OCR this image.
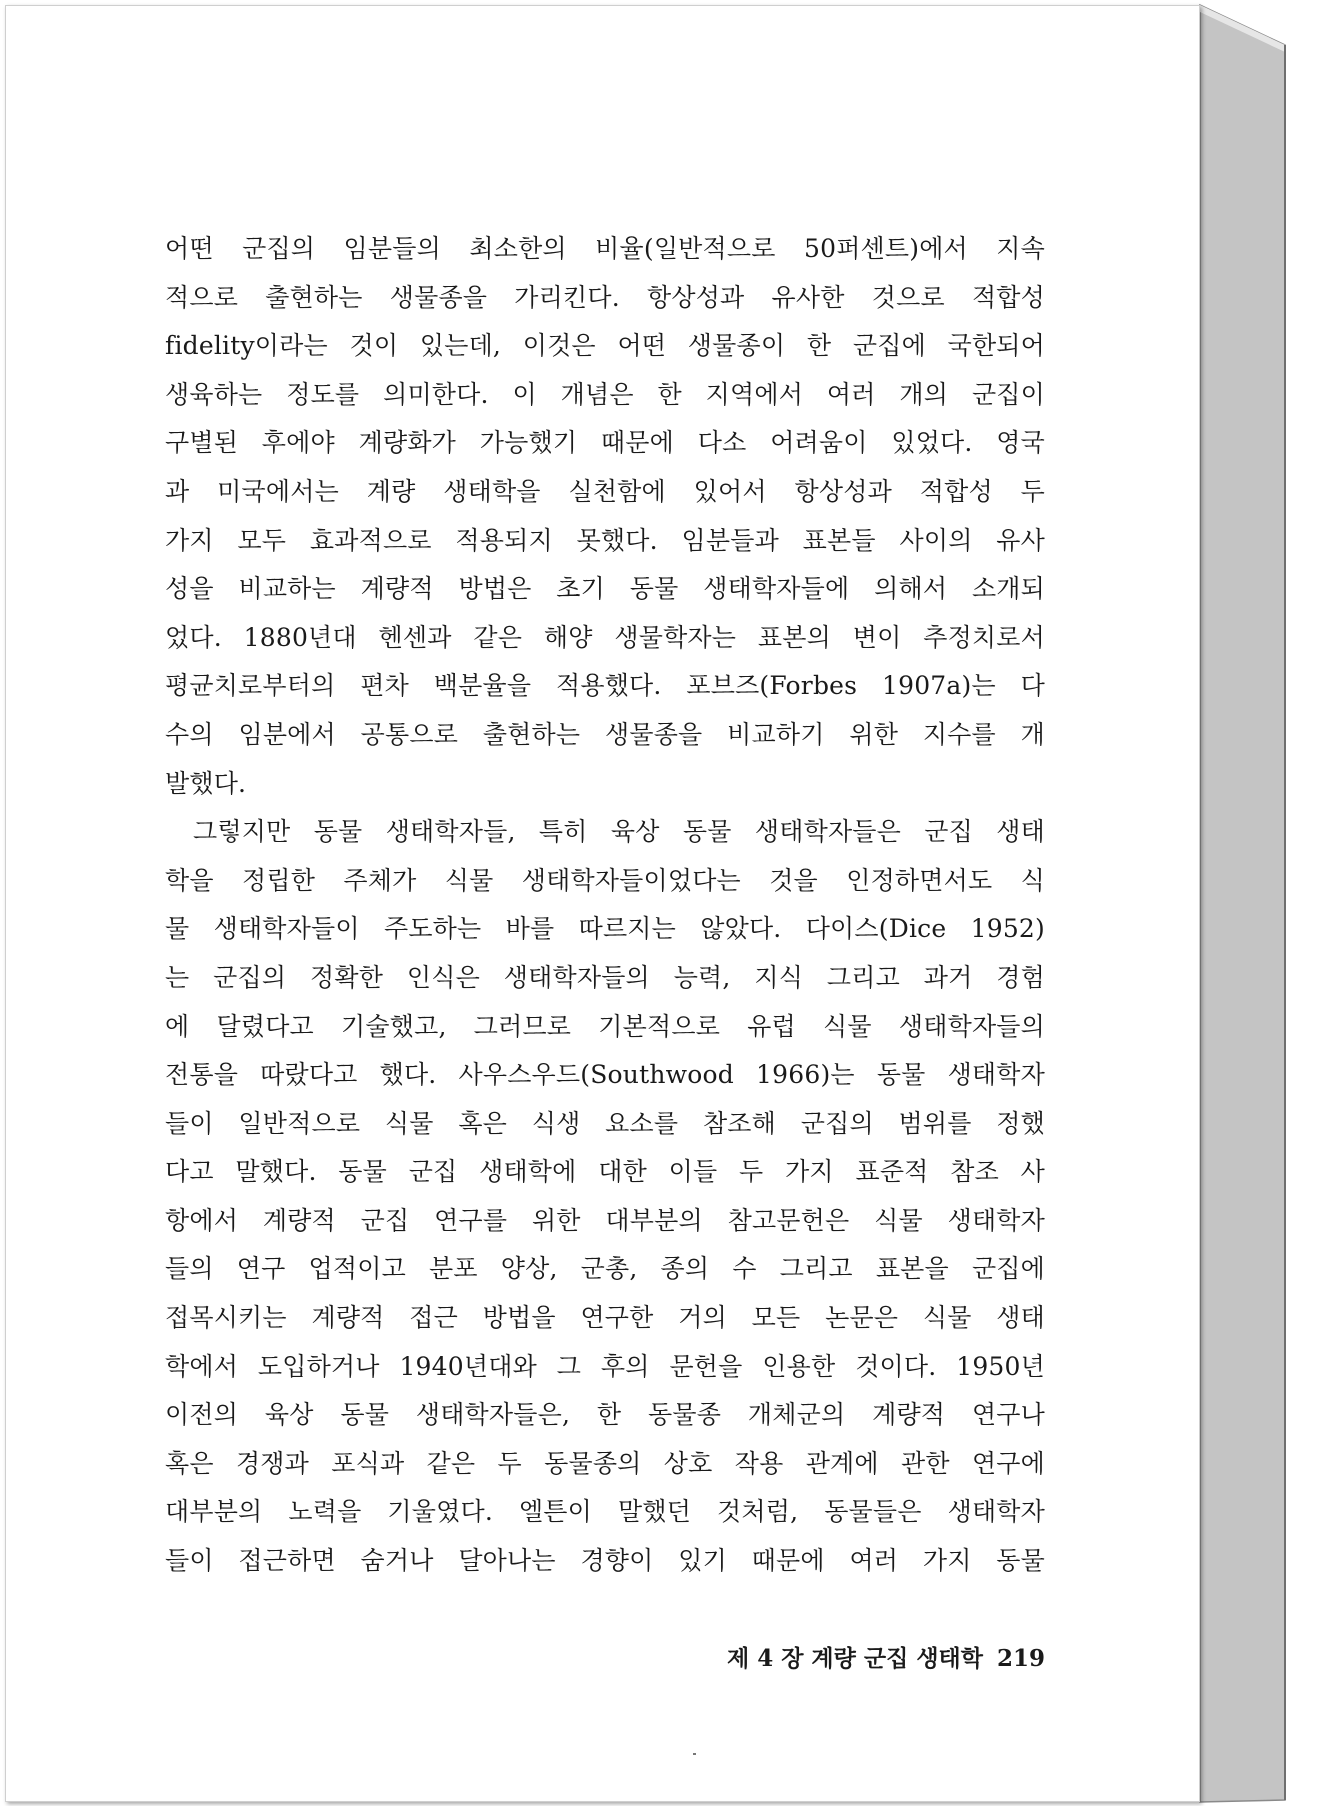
어떤 군집의 임분들의 최소한의 비율(일반적으로 50퍼센트)에서 지속
적으로 출현하는 생물종을 가리킨다. 항상성과 유사한 것으로 적합성
fidelity이라는 것이 있는데, 이것은 어떤 생물종이 한 군집에 국한되어
생육하는 정도를 의미한다. 이 개념은 한 지역에서 여러 개의 군집이
구별된 후에야 계량화가 가능했기 때문에 다소 어려움이 있었다. 영국
과 미국에서는 계량 생태학을 실천함에 있어서 항상성과 적합성 두
가지 모두 효과적으로 적용되지 못했다. 임분들과 표본들 사이의 유사
성을 비교하는 계량적 방법은 초기 동물 생태학자들에 의해서 소개되
었다. 1880년대 헨센과 같은 해양 생물학자는 표본의 변이 추정치로서
평균치로부터의 편차 백분율을 적용했다. 포브즈(Forbes 1907a)는 다
수의 임분에서 공통으로 출현하는 생물종을 비교하기 위한 지수를 개
발했다.
그렇지만 동물 생태학자들, 특히 육상 동물 생태학자들은 군집 생태
학을 정립한 주체가 식물 생태학자들이었다는 것을 인정하면서도 식
물 생태학자들이 주도하는 바를 따르지는 않았다. 다이스(Dice 1952)
는 군집의 정확한 인식은 생태학자들의 능력, 지식 그리고 과거 경험
에 달렸다고 기술했고, 그러므로 기본적으로 유럽 식물 생태학자들의
전통을 따랐다고 했다. 사우스우드(Southwood 1966)는 동물 생태학자
들이 일반적으로 식물 혹은 식생 요소를 참조해 군집의 범위를 정했
다고 말했다. 동물 군집 생태학에 대한 이들 두 가지 표준적 참조 사
항에서 계량적 군집 연구를 위한 대부분의 참고문헌은 식물 생태학자
들의 연구 업적이고 분포 양상, 군총, 종의 수 그리고 표본을 군집에
접목시키는 계량적 접근 방법을 연구한 거의 모든 논문은 식물 생태
학에서 도입하거나 1940년대와 그 후의 문헌을 인용한 것이다. 1950년
이전의 육상 동물 생태학자들은, 한 동물종 개체군의 계량적 연구나
혹은 경쟁과 포식과 같은 두 동물종의 상호 작용 관계에 관한 연구에
대부분의 노력을 기울였다. 엘튼이 말했던 것처럼, 동물들은 생태학자
들이 접근하면 숨거나 달아나는 경향이 있기 때문에 여러 가지 동물
제 4 장 계량 군집 생태학 219
